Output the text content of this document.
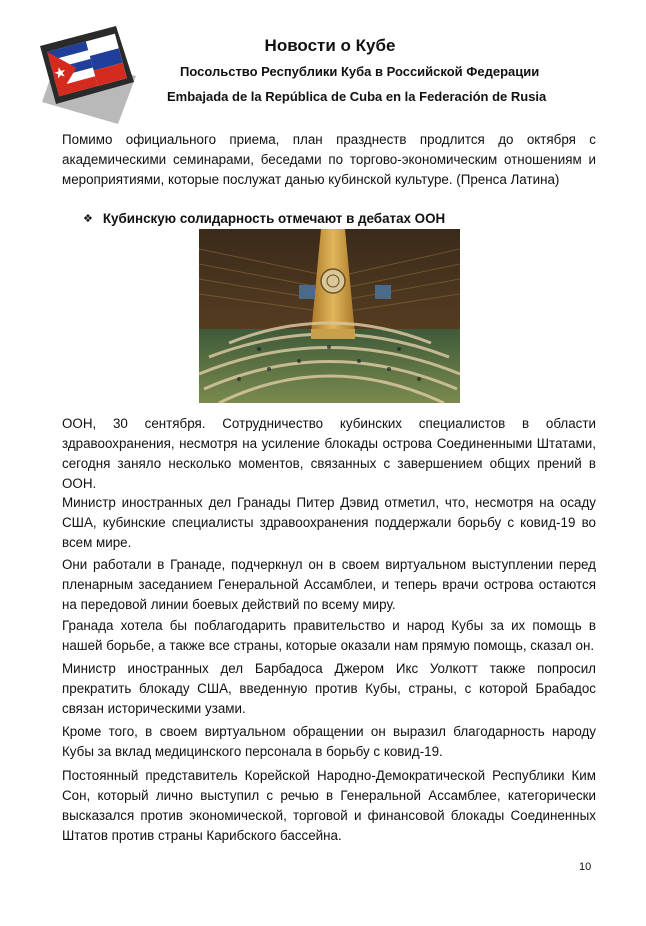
Новости о Кубе
Посольство Республики Куба в Российской Федерации
Embajada de la República de Cuba en la Federación de Rusia

Помимо официального приема, план празднеств продлится до октября с академическими семинарами, беседами по торгово-экономическим отношениям и мероприятиями, которые послужат данью кубинской культуре. (Пренса Латина)

❖ Кубинскую солидарность отмечают в дебатах ООН

ООН, 30 сентября. Сотрудничество кубинских специалистов в области здравоохранения, несмотря на усиление блокады острова Соединенными Штатами, сегодня заняло несколько моментов, связанных с завершением общих прений в ООН.

Министр иностранных дел Гранады Питер Дэвид отметил, что, несмотря на осаду США, кубинские специалисты здравоохранения поддержали борьбу с ковид-19 во всем мире.

Они работали в Гранаде, подчеркнул он в своем виртуальном выступлении перед пленарным заседанием Генеральной Ассамблеи, и теперь врачи острова остаются на передовой линии боевых действий по всему миру.

Гранада хотела бы поблагодарить правительство и народ Кубы за их помощь в нашей борьбе, а также все страны, которые оказали нам прямую помощь, сказал он.

Министр иностранных дел Барбадоса Джером Икс Уолкотт также попросил прекратить блокаду США, введенную против Кубы, страны, с которой Брабадос связан историческими узами.

Кроме того, в своем виртуальном обращении он выразил благодарность народу Кубы за вклад медицинского персонала в борьбу с ковид-19.

Постоянный представитель Корейской Народно-Демократической Республики Ким Сон, который лично выступил с речью в Генеральной Ассамблее, категорически высказался против экономической, торговой и финансовой блокады Соединенных Штатов против страны Карибского бассейна.

10
